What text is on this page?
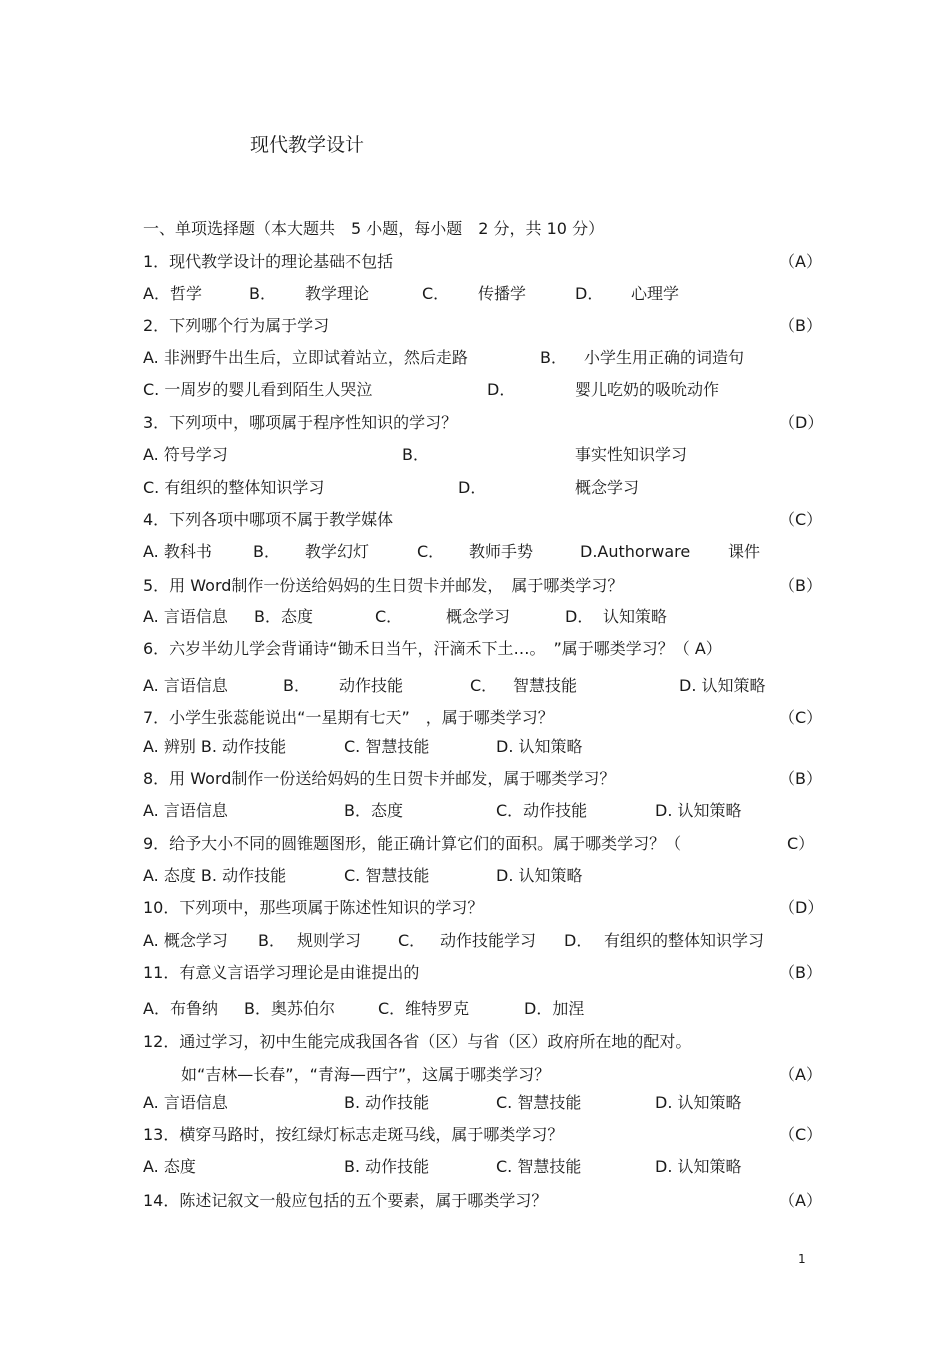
现代教学设计
一、单项选择题（本大题共　5 小题，每小题　2 分，共 10 分）
1．现代教学设计的理论基础不包括	（A）
A．哲学	B． 教学理论	C． 传播学	D． 心理学
2．下列哪个行为属于学习	（B）
A. 非洲野牛出生后，立即试着站立，然后走路	B． 小学生用正确的词造句
C. 一周岁的婴儿看到陌生人哭泣	D．	婴儿吃奶的吸吮动作
3．下列项中，哪项属于程序性知识的学习？	（D）
A. 符号学习	B．	事实性知识学习
C. 有组织的整体知识学习	D．	概念学习
4．下列各项中哪项不属于教学媒体	（C）
A. 教科书	B． 教学幻灯	C． 教师手势	D.Authorware 课件
5．用 Word制作一份送给妈妈的生日贺卡并邮发，　属于哪类学习？	（B）
A. 言语信息 B．态度	C．	概念学习	D． 认知策略
6．六岁半幼儿学会背诵诗“锄禾日当午，汗滴禾下土…。　”属于哪类学习？（ A）
A. 言语信息	B． 动作技能	C． 智慧技能	D. 认知策略
7．小学生张蕊能说出“一星期有七天”　，属于哪类学习？	（C）
A. 辨别 B. 动作技能	C. 智慧技能	D. 认知策略
8．用 Word制作一份送给妈妈的生日贺卡并邮发，属于哪类学习？	（B）
A. 言语信息	B．态度	C．动作技能	D. 认知策略
9．给予大小不同的圆锥题图形，能正确计算它们的面积。属于哪类学习？（	C）
A. 态度 B. 动作技能	C. 智慧技能	D. 认知策略
10．下列项中，那些项属于陈述性知识的学习？	（D）
A. 概念学习 B． 规则学习 C． 动作技能学习 D． 有组织的整体知识学习
11．有意义言语学习理论是由谁提出的	（B）
A．布鲁纳 B．奥苏伯尔	C．维特罗克	D．加涅
12．通过学习，初中生能完成我国各省（区）与省（区）政府所在地的配对。
如“吉林—长春”，“青海—西宁”，这属于哪类学习？	（A）
A. 言语信息	B. 动作技能	C. 智慧技能	D. 认知策略
13．横穿马路时，按红绿灯标志走斑马线，属于哪类学习？	（C）
A. 态度	B. 动作技能	C. 智慧技能	D. 认知策略
14．陈述记叙文一般应包括的五个要素，属于哪类学习？	（A）
1
